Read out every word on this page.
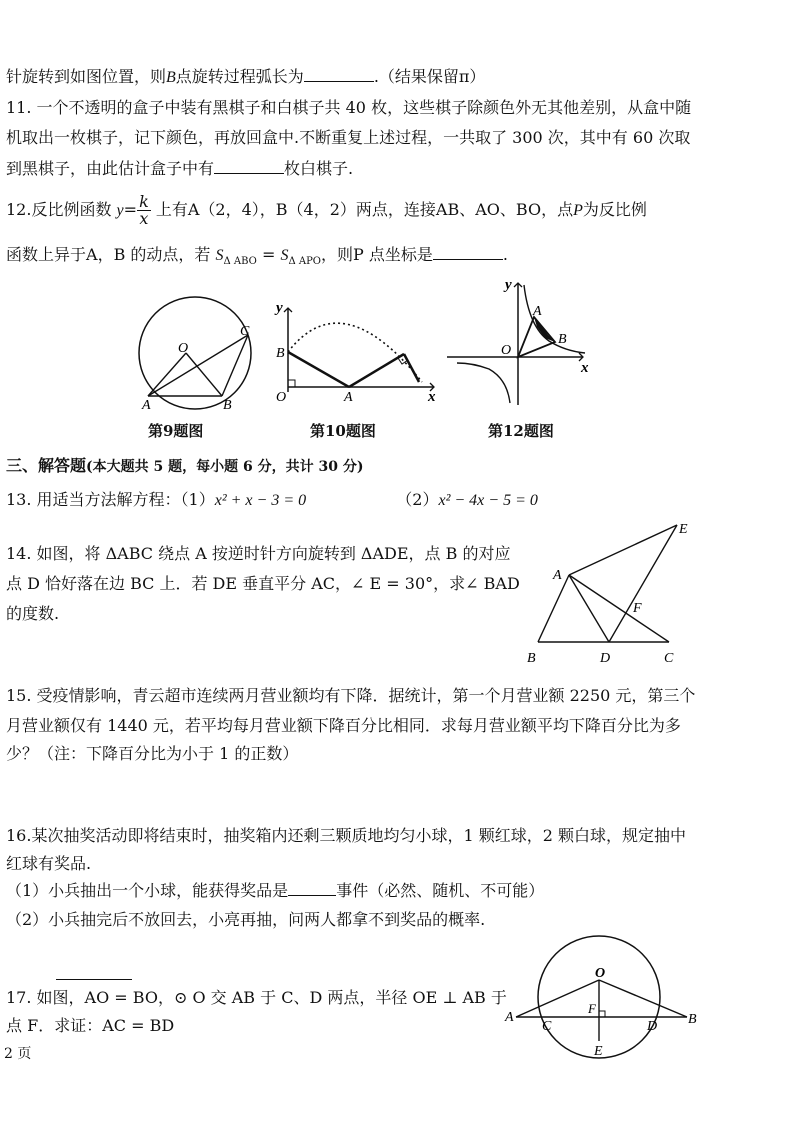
针旋转到如图位置，则B点旋转过程弧长为	.（结果保留π）
11. 一个不透明的盒子中装有黑棋子和白棋子共 40 枚，这些棋子除颜色外无其他差别，从盒中随
机取出一枚棋子，记下颜色，再放回盒中.不断重复上述过程，一共取了 300 次，其中有 60 次取
到黑棋子，由此估计盒子中有	枚白棋子.
12.反比例函数 $y= \frac{k}{x}$ 上有A（2，4），B（4，2）两点，连接AB、AO、BO，点P为反比例
函数上异于A，B 的动点，若 $S_{\Delta ABO} = S_{\Delta APO}$，则P 点坐标是	.
O
A	B
C
第9题图
y
B
O	A	x
第10题图
y
A
B
O
x
第12题图
三、解答题(本大题共 5 题，每小题 6 分，共计 30 分)
13. 用适当方法解方程：（1）x² + x − 3 = 0	（2）x² − 4x − 5 = 0
14. 如图，将 ΔABC 绕点 A 按逆时针方向旋转到 ΔADE，点 B 的对应
点 D 恰好落在边 BC 上．若 DE 垂直平分 AC，∠ E = 30°，求∠ BAD
的度数.
E
A
F
B	D	C
15. 受疫情影响，青云超市连续两月营业额均有下降．据统计，第一个月营业额 2250 元，第三个
月营业额仅有 1440 元，若平均每月营业额下降百分比相同．求每月营业额平均下降百分比为多
少？（注：下降百分比为小于 1 的正数）
16.某次抽奖活动即将结束时，抽奖箱内还剩三颗质地均匀小球，1 颗红球，2 颗白球，规定抽中
红球有奖品.
（1）小兵抽出一个小球，能获得奖品是	事件（必然、随机、不可能）
（2）小兵抽完后不放回去，小亮再抽，问两人都拿不到奖品的概率.
17. 如图，AO = BO，⊙ O 交 AB 于 C、D 两点，半径 OE ⊥ AB 于
点 F．求证：AC = BD
O
F
A
C	D B
E
2 页
